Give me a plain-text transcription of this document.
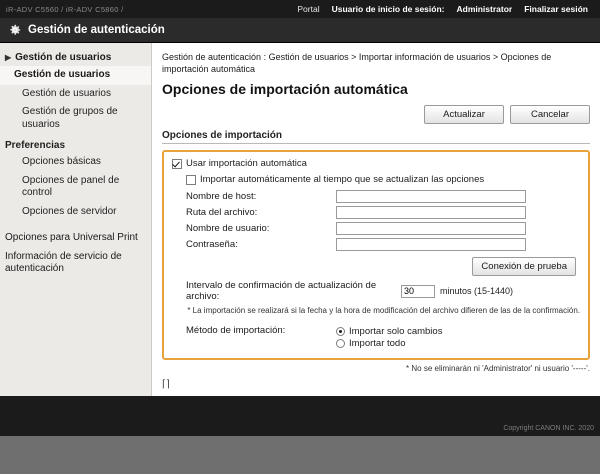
iR-ADV C5560 / iR-ADV C5860 /	Portal Usuario de inicio de sesión: Administrator Finalizar sesión
Gestión de autenticación
▶ Gestión de usuarios
Gestión de usuarios
Gestión de usuarios
Gestión de grupos de usuarios
Preferencias
Opciones básicas
Opciones de panel de control
Opciones de servidor
Opciones para Universal Print
Información de servicio de autenticación
Gestión de autenticación : Gestión de usuarios > Importar información de usuarios > Opciones de importación automática
Opciones de importación automática
Actualizar	Cancelar
Opciones de importación
Usar importación automática
Importar automáticamente al tiempo que se actualizan las opciones
Nombre de host:
Ruta del archivo:
Nombre de usuario:
Contraseña:
Conexión de prueba
Intervalo de confirmación de actualización de archivo:
30	minutos (15-1440)
* La importación se realizará si la fecha y la hora de modificación del archivo difieren de las de la confirmación.
Método de importación:	Importar solo cambios
Importar todo
* No se eliminarán ni 'Administrator' ni usuario '-----'.
⌈⌉
Copyright CANON INC. 2020
